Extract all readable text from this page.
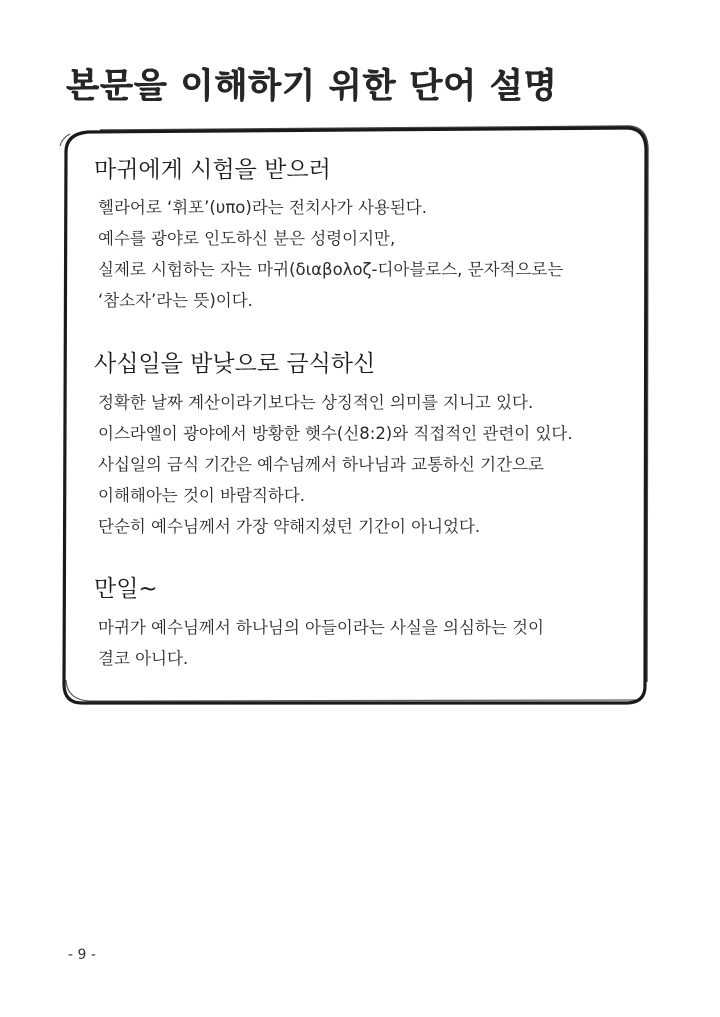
본문을 이해하기 위한 단어 설명
마귀에게 시험을 받으러
헬라어로 ‘휘포’(υπο)라는 전치사가 사용된다.
예수를 광야로 인도하신 분은 성령이지만,
실제로 시험하는 자는 마귀(διαβολοζ-디아블로스, 문자적으로는
‘참소자’라는 뜻)이다.
사십일을 밤낮으로 금식하신
정확한 날짜 계산이라기보다는 상징적인 의미를 지니고 있다.
이스라엘이 광야에서 방황한 햇수(신8:2)와 직접적인 관련이 있다.
사십일의 금식 기간은 예수님께서 하나님과 교통하신 기간으로
이해해아는 것이 바람직하다.
단순히 예수님께서 가장 약해지셨던 기간이 아니었다.
만일~
마귀가 예수님께서 하나님의 아들이라는 사실을 의심하는 것이
결코 아니다.
- 9 -
